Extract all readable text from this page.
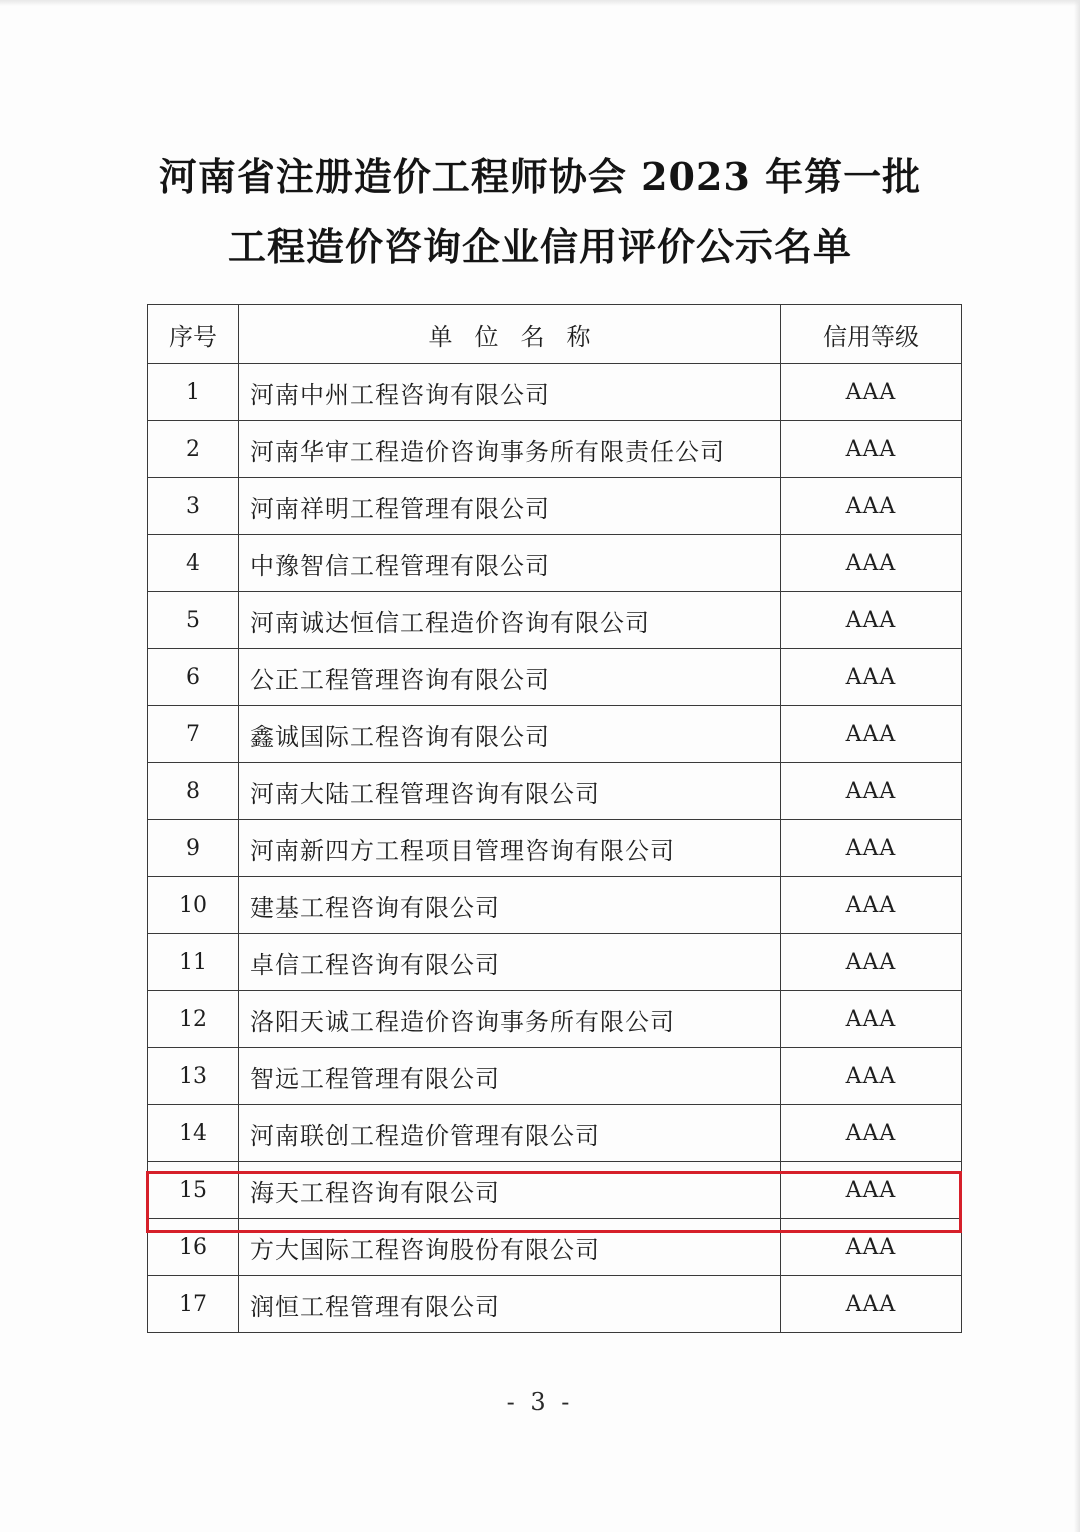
河南省注册造价工程师协会 2023 年第一批
工程造价咨询企业信用评价公示名单
序号	单位名称	信用等级
1	河南中州工程咨询有限公司	AAA
2	河南华审工程造价咨询事务所有限责任公司	AAA
3	河南祥明工程管理有限公司	AAA
4	中豫智信工程管理有限公司	AAA
5	河南诚达恒信工程造价咨询有限公司	AAA
6	公正工程管理咨询有限公司	AAA
7	鑫诚国际工程咨询有限公司	AAA
8	河南大陆工程管理咨询有限公司	AAA
9	河南新四方工程项目管理咨询有限公司	AAA
10	建基工程咨询有限公司	AAA
11	卓信工程咨询有限公司	AAA
12	洛阳天诚工程造价咨询事务所有限公司	AAA
13	智远工程管理有限公司	AAA
14	河南联创工程造价管理有限公司	AAA
15	海天工程咨询有限公司	AAA
16	方大国际工程咨询股份有限公司	AAA
17	润恒工程管理有限公司	AAA
- 3 -
